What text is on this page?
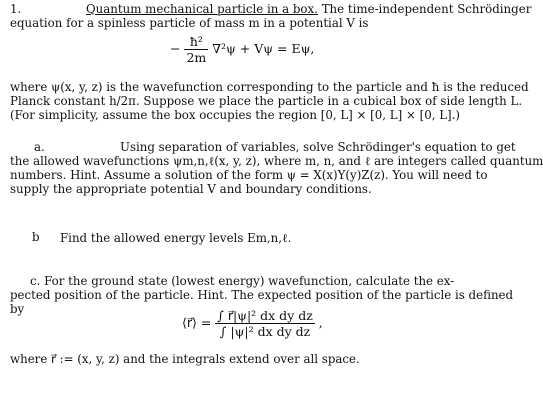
1.	Quantum mechanical particle in a box. The time-independent Schrödinger
equation for a spinless particle of mass m in a potential V is
− $\frac{\text{ħ²}}{2m} \nabla^2\psi + V\psi = E\psi$,
where ψ(x, y, z) is the wavefunction corresponding to the particle and ħ is the reduced
Planck constant h/2π. Suppose we place the particle in a cubical box of side length L.
(For simplicity, assume the box occupies the region [0, L] × [0, L] × [0, L].)
a.	Using separation of variables, solve Schrödinger's equation to get
the allowed wavefunctions ψm,n,ℓ(x, y, z), where m, n, and ℓ are integers called quantum
numbers. Hint. Assume a solution of the form ψ = X(x)Y(y)Z(z). You will need to
supply the appropriate potential V and boundary conditions.
b Find the allowed energy levels Em,n,ℓ.
c. For the ground state (lowest energy) wavefunction, calculate the ex-
pected position of the particle. Hint. The expected position of the particle is defined
by
⟨r⃗⟩ = $\frac{\text{∫ r⃗|ψ|² dx dy dz}}{\text{∫ |ψ|² dx dy dz}}$ ,
where r⃗ := (x, y, z) and the integrals extend over all space.
